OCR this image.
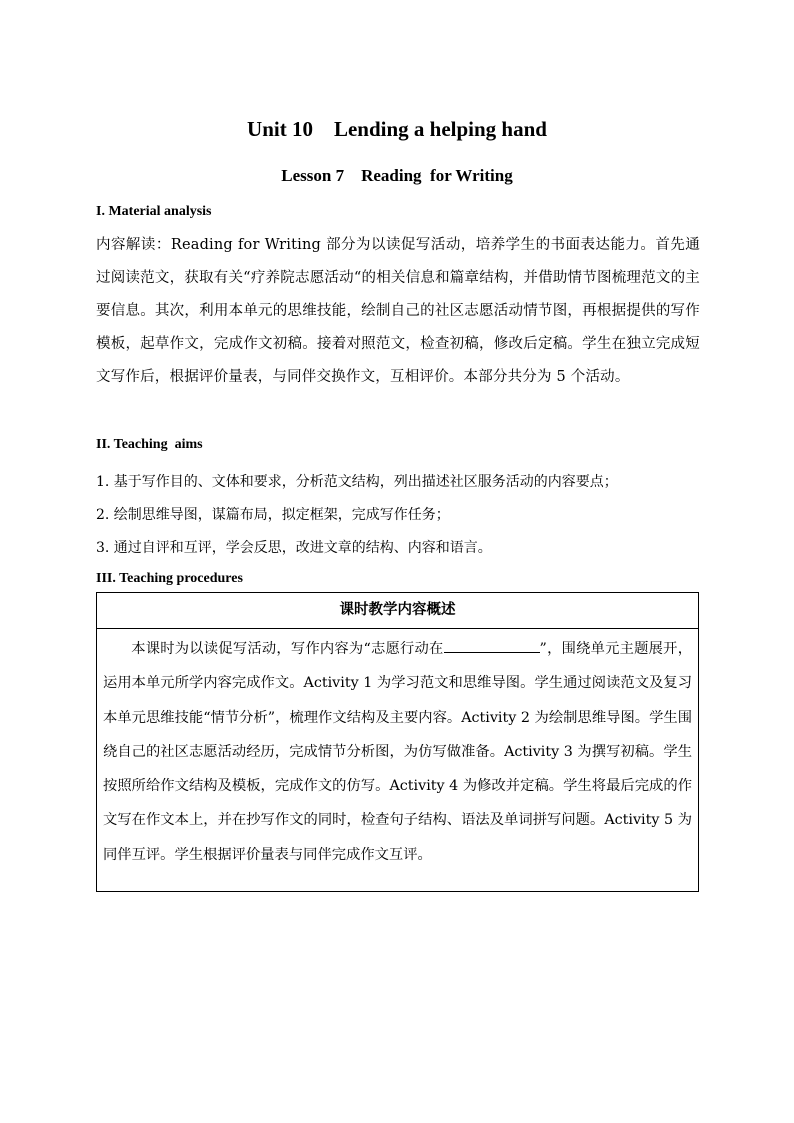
Unit 10    Lending a helping hand
Lesson 7    Reading  for Writing
I. Material analysis
内容解读：Reading for Writing 部分为以读促写活动，培养学生的书面表达能力。首先通过阅读范文，获取有关“疗养院志愿活动“的相关信息和篇章结构，并借助情节图梳理范文的主要信息。其次，利用本单元的思维技能，绘制自己的社区志愿活动情节图，再根据提供的写作模板，起草作文，完成作文初稿。接着对照范文，检查初稿，修改后定稿。学生在独立完成短文写作后，根据评价量表，与同伴交换作文，互相评价。本部分共分为 5 个活动。
II. Teaching  aims
1. 基于写作目的、文体和要求，分析范文结构，列出描述社区服务活动的内容要点；
2. 绘制思维导图，谋篇布局，拟定框架，完成写作任务；
3. 通过自评和互评，学会反思，改进文章的结构、内容和语言。
III. Teaching procedures
课时教学内容概述
本课时为以读促写活动，写作内容为“志愿行动在	”，围绕单元主题展开，运用本单元所学内容完成作文。Activity 1 为学习范文和思维导图。学生通过阅读范文及复习本单元思维技能“情节分析”，梳理作文结构及主要内容。Activity 2 为绘制思维导图。学生围绕自己的社区志愿活动经历，完成情节分析图，为仿写做准备。Activity 3 为撰写初稿。学生按照所给作文结构及模板，完成作文的仿写。Activity 4 为修改并定稿。学生将最后完成的作文写在作文本上，并在抄写作文的同时，检查句子结构、语法及单词拼写问题。Activity 5 为同伴互评。学生根据评价量表与同伴完成作文互评。
